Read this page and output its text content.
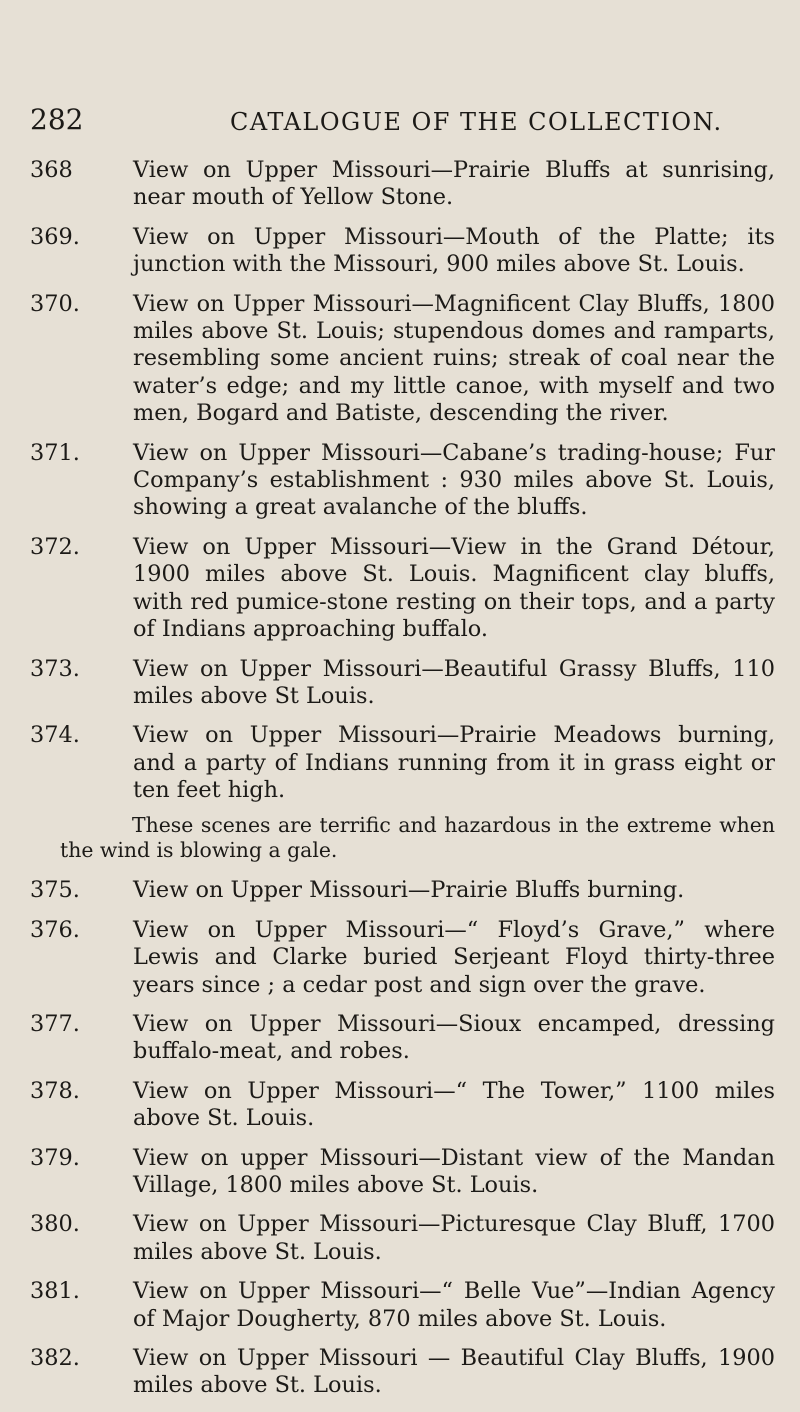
282	CATALOGUE OF THE COLLECTION.
368	View on Upper Missouri—Prairie Bluffs at sunrising, near mouth of Yellow Stone.
369. View on Upper Missouri—Mouth of the Platte; its junction with the Missouri, 900 miles above St. Louis.
370. View on Upper Missouri—Magnificent Clay Bluffs, 1800 miles above St. Louis; stupendous domes and ramparts, resembling some ancient ruins; streak of coal near the water’s edge; and my little canoe, with myself and two men, Bogard and Batiste, descending the river.
371. View on Upper Missouri—Cabane’s trading-house; Fur Company’s establishment : 930 miles above St. Louis, showing a great avalanche of the bluffs.
372. View on Upper Missouri—View in the Grand Détour, 1900 miles above St. Louis. Magnificent clay bluffs, with red pumice-stone resting on their tops, and a party of Indians approaching buffalo.
373. View on Upper Missouri—Beautiful Grassy Bluffs, 110 miles above St Louis.
374. View on Upper Missouri—Prairie Meadows burning, and a party of Indians running from it in grass eight or ten feet high.
These scenes are terrific and hazardous in the extreme when the wind is blowing a gale.
375. View on Upper Missouri—Prairie Bluffs burning.
376. View on Upper Missouri—“ Floyd’s Grave,” where Lewis and Clarke buried Serjeant Floyd thirty-three years since ; a cedar post and sign over the grave.
377. View on Upper Missouri—Sioux encamped, dressing buffalo-meat, and robes.
378. View on Upper Missouri—“ The Tower,” 1100 miles above St. Louis.
379. View on upper Missouri—Distant view of the Mandan Village, 1800 miles above St. Louis.
380. View on Upper Missouri—Picturesque Clay Bluff, 1700 miles above St. Louis.
381. View on Upper Missouri—“ Belle Vue”—Indian Agency of Major Dougherty, 870 miles above St. Louis.
382. View on Upper Missouri — Beautiful Clay Bluffs, 1900 miles above St. Louis.
